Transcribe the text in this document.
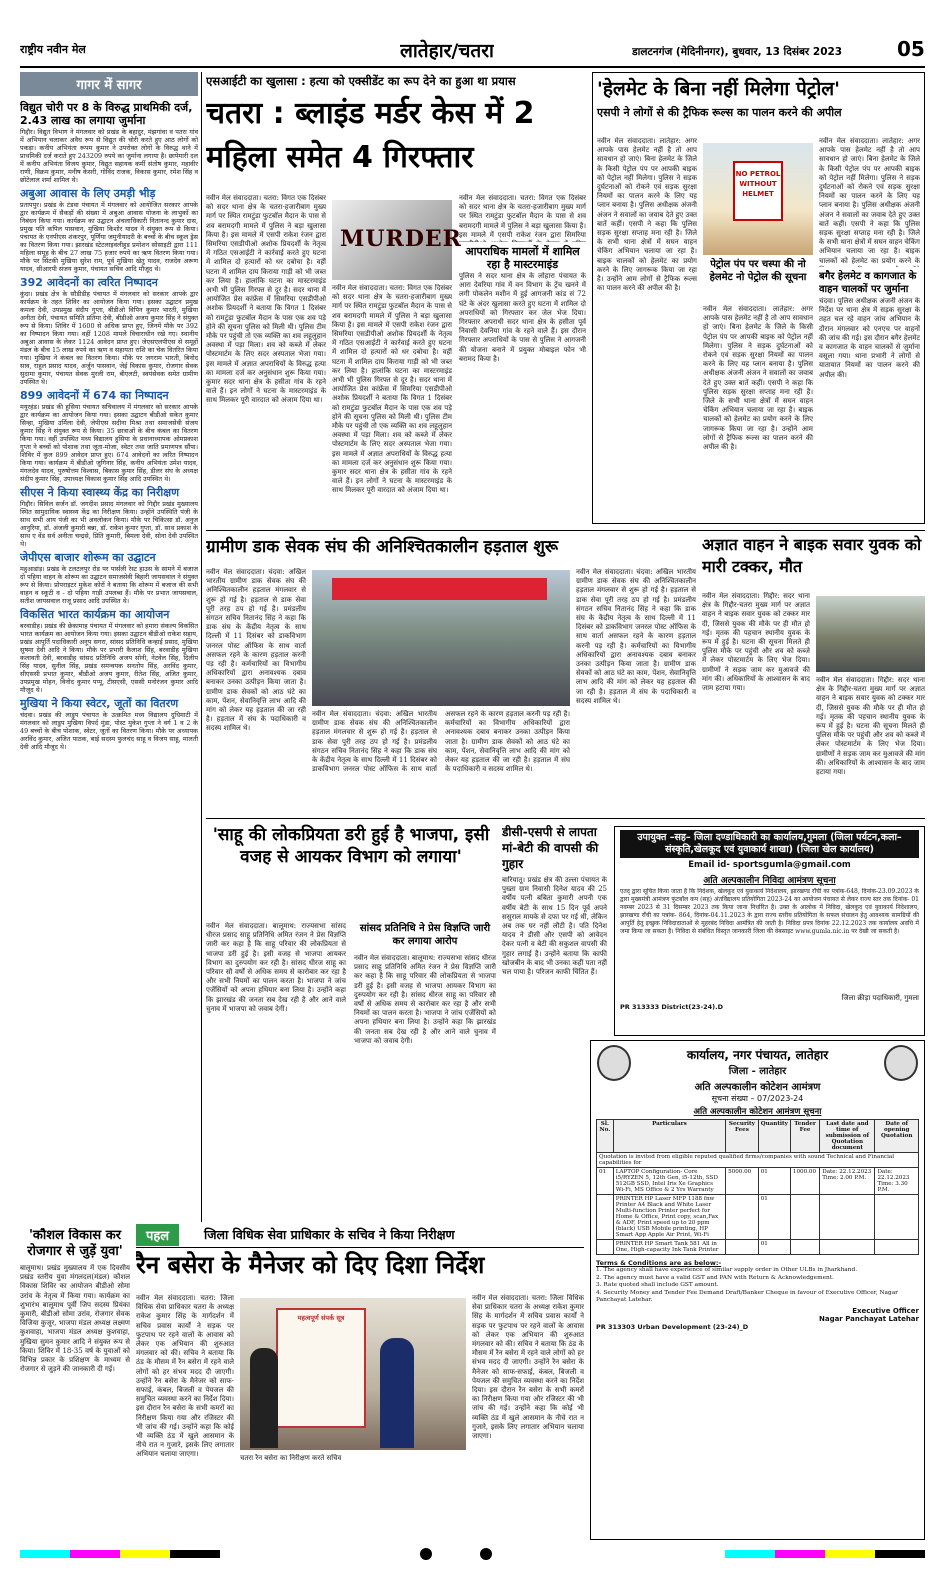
राष्ट्रीय नवीन मेल	लातेहार/चतरा	डालटनगंज (मेदिनीनगर), बुधवार, 13 दिसंबर 2023	05
गागर में सागर
विद्युत चोरी पर 8 के विरुद्ध प्राथमिकी दर्ज, 2.43 लाख का लगाया जुर्माना
गिद्दौर। विद्युत विभाग ने मंगलवार को प्रखंड के बहादुर, मंझगांवा व पतरा गांव में अभियान चलाकर अवैध रूप से विद्युत की चोरी करते हुए आठ लोगों को पकड़ा। कनीय अभियंता रूपम कुमार ने उपरोक्त लोगों के विरुद्ध थाने में प्राथमिकी दर्ज कराते हुए 243209 रुपये का जुर्माना लगाया है। छापेमारी दल में कनीय अभियंता विजय कुमार, विद्युत सहायक कर्मी संतोष कुमार, महावीर राणी, विक्रम कुमार, मनीष केसरी, गोविंद राजक, विकास कुमार, रमेश सिंह व छोटेलाल शर्मा शामिल थे।
अबुआ आवास के लिए उमड़ी भीड़
प्रतापपुर। प्रखंड के टंडवा पंचायत में मंगलवार को आयोजित सरकार आपके द्वार कार्यक्रम में सैकड़ों की संख्या में अबुआ आवास योजना के लाभुकों का निबंधन किया गया। कार्यक्रम का उद्घाटन अंचलाधिकारी नितानन्द कुमार दास, प्रमुख पति कपिल पासवान, मुखिया किशोर यादव ने संयुक्त रूप से किया। पंचायत के एनपीएस शंकरपुर, पूर्णिया जमुनीयादरी के बच्चों के बीच स्कूल ड्रेस का वितरण किया गया। झारखंड स्टेटलाइवलीहुड प्रमोशन सोसाइटी द्वारा 111 महिला समूह के बीच 27 लाख 75 हजार रुपये का ऋण वितरण किया गया। मौके पर सिंटकी मुखिया सुरेश राम, पूर्व मुखिया खेतु यादव, राजदेव अरूण यादव, सीआरपी संजय कुमार, पंचायत सचिव आदि मौजूद थे।
392 आवेदनों का त्वरित निष्पादन
कुंदा। प्रखंड क्षेत्र के सौडीडीह पंचायत में मंगलवार को सरकार आपके द्वार कार्यक्रम के तहत शिविर का आयोजन किया गया। इसका उद्घाटन प्रमुख कमला देवी, उपप्रमुख संदीप गुप्ता, बीडीओ विपिन कुमार भारती, मुखिया अनीता देवी, पंचायत समिति प्रतिमा देवी, बीडीओ अजय कुमार सिंह ने संयुक्त रूप से किया। शिविर में 1600 से अधिक प्राप्त हुए, जिनमें मौके पर 392 का निष्पादन किया गया। वहीं 1208 मामले विचाराधीन रखे गए। स्थानीय अबुआ आवास के लेकर 1124 आवेदन प्राप्त हुए। जेएसएलपीएस से समूहों मंडल के बीच 15 लाख रुपये का ऋण व सहायता राशि का चेक वितरित किया गया। मुखिया ने कंबल का वितरण किया। मौके पर जगराम भारती, बिनोद साव, राहुल प्रसाद यादव, अर्जुन पासवान, जेई विकास कुमार, रोजगार सेवक सुदामा कुमार, पंचायत सेवक मुरली राम, बीएलटी, स्वयंसेवक समेत ग्रामीण उपस्थित थे।
899 आवेदनों में 674 का निष्पादन
मयूरहंड। प्रखंड की हुसिया पंचायत सचिवालय में मंगलवार को सरकार आपके द्वार कार्यक्रम का आयोजन किया गया। इसका उद्घाटन बीडीओ सकेत कुमार सिन्हा, मुखिया उर्मिला देवी, जेपीएस सदीना मिश्रा तथा समाजसेवी संजय कुमार सिंह ने संयुक्त रूप से किया। 35 छात्राओं के बीच कंबल का वितरण किया गया। वहीं उपस्थित मध्य विद्यालय हुसिया के प्रधानाध्यापक ओमप्रकाश गुप्ता ने बच्चों को पोशाक तथा जूता-मोजा, स्वेटर तथा जाति प्रमाणपत्र सौंपा। शिविर में कुल 899 आवेदन प्राप्त हुए। 674 आवेदनों का त्वरित निष्पादन किया गया। कार्यक्रम में बीडीओ जुगिनार सिंह, कनीय अभियंता उमेश यादव, मंगलदेव यादव, पुरुषोत्तम विश्वास, बिकास कुमार सिंह, डीलर संघ के अध्यक्ष संदीप कुमार सिंह, उपाध्यक्ष विकास कुमार सिंह आदि उपस्थित थे।
सीएस ने किया स्वास्थ्य केंद्र का निरीक्षण
गिद्दौर। सिविल सर्जन डॉ. जगदीश प्रसाद मंगलवार को गिद्दौर प्रखंड मुख्यालय स्थित सामुदायिक स्वास्थ्य केंद्र का निरीक्षण किया। उन्होंने उपस्थिति पंजी के साथ सभी आय पंजी का भी अवलोकन किया। मौके पर चिकित्सा डॉ. अनुज आनुरिया, डॉ. अंजली कुमारी बन्ना, डॉ. राकेश कुमार गुप्ता, डॉ. साथ प्रकाश के साथ ए वेंड सर्व अनीता चन्द्रसे, प्रिति कुमारी, बिमला देवी, सोना देवी उपस्थित थे।
जेपीएस बाजार शोरूम का उद्घाटन
महुआडांड़। प्रखंड के टलटलपुर रोड पर पार्सली रेस्ट हाउस के सामने में बजाज दो पहिया वाहन के शोरूम का उद्घाटन समाजसेवी बिहारी जायसवाल ने संयुक्त रूप से किया। प्रोपराइटर मुकेश कोरों ने बताया कि शोरूम में बजाज की सभी वाहन व स्कूटी व - दो पहिया गाड़ी उपलब्ध हैं। मौके पर प्रभात जायसवाल, सतीश जायसवाल राजू प्रसाद आदि उपस्थित थे।
विकसित भारत कार्यक्रम का आयोजन
बरवाडीह। प्रखंड की छेकामाह पंचायत में मंगलवार को हमारा संकल्प विकसित भारत कार्यक्रम का आयोजन किया गया। इसका उद्घाटन बीडीओ राकेश सहाय, प्रखंड आपूर्ति पदाधिकारी अनूप सगरा, सांसद प्रतिनिधि कन्हाई प्रसाद, मुखिया सुषमा देवी आदि ने किया। मौके पर प्रभारी कैलाश सिंह, बरवाडीह मुखिया कलावती देवी, बरवाडीह सांसद प्रतिनिधि अजय सोनी, नेटवेल सिंह, दिलीप सिंह यादव, सुनील सिंह, प्रखंड समन्वयक सनतोप सिंह, अरविंद कुमार, सीएससी प्रभात कुमार, बीडीओ अजय कुमार, रीतेश सिंह, अजित कुमार, उपप्रमुख मोहन, विनोद कुमार पप्पू, टीसएसी, एससी मनोरंजन कुमार आदि मौजूद थे।
मुखिया ने किया स्वेटर, जूतों का वितरण
चंदवा। प्रखंड की लाडुप पंचायत के उत्क्रमित मध्य विद्यालय दुधिमाटी में मंगलवार को लाडुप मुखिया विपर्द मुंडा, पोस्ट मुकेश गुप्ता ने वर्ग 1 व 2 के 49 बच्चों के बीच पोशाक, स्वेटर, जूतों का वितरण किया। मौके पर अध्यापक अरविंद कुमार, अजित पाठक, बाई सदस्य फुलचंद साहू व विजय साहू, मालती देवी आदि मौजूद थे।
एसआईटी का खुलासा : हत्या को एक्सीडेंट का रूप देने का हुआ था प्रयास
चतरा : ब्लाइंड मर्डर केस में 2 महिला समेत 4 गिरफ्तार
नवीन मेल संवाददाता। चतरा: विगत एक दिसंबर को सदर थाना क्षेत्र के चतरा-हजारीबाग मुख्य मार्ग पर स्थित रामटुंडा फुटबॉल मैदान के पास से शव बरामदगी मामले में पुलिस ने बड़ा खुलासा किया है। इस मामले में एसपी राकेश रंजन द्वारा सिमरिया एसडीपीओ अशोक प्रियदर्शी के नेतृत्व में गठित एसआईटी ने कार्रवाई करते हुए घटना में शामिल दो हत्यारों को धर दबोचा है। वहीं घटना में शामिल दाय किराया गाड़ी को भी जब्त कर लिया है। हालांकि घटना का मास्टरमाइंड अभी भी पुलिस गिरफ्त से दूर है। सदर थाना में आयोजित प्रेस कांफ्रेंस में सिमरिया एसडीपीओ अशोक प्रियदर्शी ने बताया कि विगत 1 दिसंबर को रामटुंडा फुटबॉल मैदान के पास एक शव पड़े होने की सूचना पुलिस को मिली थी। पुलिस टीम मौके पर पहुंची तो एक व्यक्ति का शव लहूलुहान अवस्था में पड़ा मिला। शव को कब्जे में लेकर पोस्टमार्टम के लिए सदर अस्पताल भेजा गया। इस मामले में अज्ञात अपराधियों के विरुद्ध हत्या का मामला दर्ज कर अनुसंधान शुरू किया गया। कुमार सदर थाना क्षेत्र के हसीता गांव के रहने वाले हैं। इन लोगों ने घटना के मास्टरमाइंड के साथ मिलकर पूरी वारदात को अंजाम दिया था।
MURDER
नवीन मेल संवाददाता। चतरा: विगत एक दिसंबर को सदर थाना क्षेत्र के चतरा-हजारीबाग मुख्य मार्ग पर स्थित रामटुंडा फुटबॉल मैदान के पास से शव बरामदगी मामले में पुलिस ने बड़ा खुलासा किया है। इस मामले में एसपी राकेश रंजन द्वारा सिमरिया एसडीपीओ अशोक प्रियदर्शी के नेतृत्व में गठित एसआईटी ने कार्रवाई करते हुए घटना में शामिल दो हत्यारों को धर दबोचा है। वहीं घटना में शामिल दाय किराया गाड़ी को भी जब्त कर लिया है। हालांकि घटना का मास्टरमाइंड अभी भी पुलिस गिरफ्त से दूर है। सदर थाना में आयोजित प्रेस कांफ्रेंस में सिमरिया एसडीपीओ अशोक प्रियदर्शी ने बताया कि विगत 1 दिसंबर को रामटुंडा फुटबॉल मैदान के पास एक शव पड़े होने की सूचना पुलिस को मिली थी। पुलिस टीम मौके पर पहुंची तो एक व्यक्ति का शव लहूलुहान अवस्था में पड़ा मिला। शव को कब्जे में लेकर पोस्टमार्टम के लिए सदर अस्पताल भेजा गया। इस मामले में अज्ञात अपराधियों के विरुद्ध हत्या का मामला दर्ज कर अनुसंधान शुरू किया गया। कुमार सदर थाना क्षेत्र के हसीता गांव के रहने वाले हैं। इन लोगों ने घटना के मास्टरमाइंड के साथ मिलकर पूरी वारदात को अंजाम दिया था।
नवीन मेल संवाददाता। चतरा: विगत एक दिसंबर को सदर थाना क्षेत्र के चतरा-हजारीबाग मुख्य मार्ग पर स्थित रामटुंडा फुटबॉल मैदान के पास से शव बरामदगी मामले में पुलिस ने बड़ा खुलासा किया है। इस मामले में एसपी राकेश रंजन द्वारा सिमरिया
आपराधिक मामलों में शामिल रहा है मास्टरमाइंड
पुलिस ने सदर थाना क्षेत्र के लोहारा पंचायत के आरा देवरिया गांव में वन विभाग के ट्रेंच खनने में लगी पोकलेन मशीन में हुई आगजनी कांड सं 72 घंटे के अंदर खुलासा करते हुए घटना में शामिल दो अपराधियों को गिरफ्तार कर जेल भेज दिया। गिरफ्तार अपराधी सदर थाना क्षेत्र के हसीता पूर्व निवासी देवनिया गांव के रहने वाले हैं। इस दौरान गिरफ्तार अपराधियों के पास से पुलिस ने आगजनी की योजना बनाने में प्रयुक्त मोबाइल फोन भी बरामद किया है।
'हेलमेट के बिना नहीं मिलेगा पेट्रोल'
एसपी ने लोगों से की ट्रैफिक रूल्स का पालन करने की अपील
नवीन मेल संवाददाता। लातेहार: अगर आपके पास हेलमेट नहीं है तो आप सावधान हो जाएं। बिना हेलमेट के जिले के किसी पेट्रोल पंप पर आपकी बाइक को पेट्रोल नहीं मिलेगा। पुलिस ने सड़क दुर्घटनाओं को रोकने एवं सड़क सुरक्षा नियमों का पालन करने के लिए यह प्लान बनाया है। पुलिस अधीक्षक अंजनी अंजन ने सवालों का जवाब देते हुए उक्त बातें कहीं। एसपी ने कहा कि पुलिस सड़क सुरक्षा सप्ताह मना रही है। जिले के सभी थाना क्षेत्रों में सघन वाहन चेकिंग अभियान चलाया जा रहा है। बाइक चालकों को हेलमेट का प्रयोग करने के लिए जागरूक किया जा रहा है। उन्होंने आम लोगों से ट्रैफिक रूल्स का पालन करने की अपील की है।
NO PETROL WITHOUT HELMET
पेट्रोल पंप पर चस्पा की नो हेलमेट नो पेट्रोल की सूचना
नवीन मेल संवाददाता। लातेहार: अगर आपके पास हेलमेट नहीं है तो आप सावधान हो जाएं। बिना हेलमेट के जिले के किसी पेट्रोल पंप पर आपकी बाइक को पेट्रोल नहीं मिलेगा। पुलिस ने सड़क दुर्घटनाओं को रोकने एवं सड़क सुरक्षा नियमों का पालन करने के लिए यह प्लान बनाया है। पुलिस अधीक्षक अंजनी अंजन ने सवालों का जवाब देते हुए उक्त बातें कहीं। एसपी ने कहा कि पुलिस सड़क सुरक्षा सप्ताह मना रही है। जिले के सभी थाना क्षेत्रों में सघन वाहन चेकिंग अभियान चलाया जा रहा है। बाइक चालकों को हेलमेट का प्रयोग करने के लिए जागरूक किया जा रहा है। उन्होंने आम लोगों से ट्रैफिक रूल्स का पालन करने की अपील की है।
नवीन मेल संवाददाता। लातेहार: अगर आपके पास हेलमेट नहीं है तो आप सावधान हो जाएं। बिना हेलमेट के जिले के किसी पेट्रोल पंप पर आपकी बाइक को पेट्रोल नहीं मिलेगा। पुलिस ने सड़क दुर्घटनाओं को रोकने एवं सड़क सुरक्षा नियमों का पालन करने के लिए यह प्लान बनाया है। पुलिस अधीक्षक अंजनी अंजन ने सवालों का जवाब देते हुए उक्त बातें कहीं। एसपी ने कहा कि पुलिस सड़क सुरक्षा सप्ताह मना रही है। जिले के सभी थाना क्षेत्रों में सघन वाहन चेकिंग अभियान चलाया जा रहा है। बाइक चालकों को हेलमेट का प्रयोग करने के
बगैर हेलमेट व कागजात के वाहन चालकों पर जुर्माना
चंदवा। पुलिस अधीक्षक अंजनी अंजन के निर्देश पर थाना क्षेत्र में सड़क सुरक्षा के तहत चल रहे वाहन जांच अभियान के दौरान मंगलवार को एनएच पर वाहनों की जांच की गई। इस दौरान बगैर हेलमेट व कागजात के वाहन चालकों से जुर्माना वसूला गया। थाना प्रभारी ने लोगों से यातायात नियमों का पालन करने की अपील की।
ग्रामीण डाक सेवक संघ की अनिश्चितकालीन हड़ताल शुरू
नवीन मेल संवाददाता। चंदवा: अखिल भारतीय ग्रामीण डाक सेवक संघ की अनिश्चितकालीन हड़ताल मंगलवार से शुरू हो गई है। हड़ताल से डाक सेवा पूरी तरह ठप हो गई है। प्रमंडलीय संगठन सचिव नितानंद सिंह ने कहा कि डाक संघ के केंद्रीय नेतृत्व के साथ दिल्ली में 11 दिसंबर को डाकविभाग जनरल पोस्ट ऑफिस के साथ वार्ता असफल रहने के कारण हड़ताल करनी पड़ रही है। कर्मचारियों का विभागीय अधिकारियों द्वारा अनावश्यक दबाव बनाकर उनका उत्पीड़न किया जाता है। ग्रामीण डाक सेवकों को आठ घंटे का काम, पेंशन, सेवानिवृत्ति लाभ आदि की मांग को लेकर यह हड़ताल की जा रही है। हड़ताल में संघ के पदाधिकारी व सदस्य शामिल थे।
नवीन मेल संवाददाता। चंदवा: अखिल भारतीय ग्रामीण डाक सेवक संघ की अनिश्चितकालीन हड़ताल मंगलवार से शुरू हो गई है। हड़ताल से डाक सेवा पूरी तरह ठप हो गई है। प्रमंडलीय संगठन सचिव नितानंद सिंह ने कहा कि डाक संघ के केंद्रीय नेतृत्व के साथ दिल्ली में 11 दिसंबर को डाकविभाग जनरल पोस्ट ऑफिस के साथ वार्ता असफल रहने के कारण हड़ताल करनी पड़ रही है। कर्मचारियों का विभागीय अधिकारियों द्वारा अनावश्यक दबाव बनाकर उनका उत्पीड़न किया जाता है। ग्रामीण डाक सेवकों को आठ घंटे का काम, पेंशन, सेवानिवृत्ति लाभ आदि की मांग को लेकर यह हड़ताल की जा रही है। हड़ताल में संघ के पदाधिकारी व सदस्य शामिल थे।
नवीन मेल संवाददाता। चंदवा: अखिल भारतीय ग्रामीण डाक सेवक संघ की अनिश्चितकालीन हड़ताल मंगलवार से शुरू हो गई है। हड़ताल से डाक सेवा पूरी तरह ठप हो गई है। प्रमंडलीय संगठन सचिव नितानंद सिंह ने कहा कि डाक संघ के केंद्रीय नेतृत्व के साथ दिल्ली में 11 दिसंबर को डाकविभाग जनरल पोस्ट ऑफिस के साथ वार्ता असफल रहने के कारण हड़ताल करनी पड़ रही है। कर्मचारियों का विभागीय अधिकारियों द्वारा अनावश्यक दबाव बनाकर उनका उत्पीड़न किया जाता है। ग्रामीण डाक सेवकों को आठ घंटे का काम, पेंशन, सेवानिवृत्ति लाभ आदि की मांग को लेकर यह हड़ताल की जा रही है। हड़ताल में संघ के पदाधिकारी व सदस्य शामिल थे।
अज्ञात वाहन ने बाइक सवार युवक को मारी टक्कर, मौत
नवीन मेल संवाददाता। गिद्दौर: सदर थाना क्षेत्र के गिद्दौर-चतरा मुख्य मार्ग पर अज्ञात वाहन ने बाइक सवार युवक को टक्कर मार दी, जिससे युवक की मौके पर ही मौत हो गई। मृतक की पहचान स्थानीय युवक के रूप में हुई है। घटना की सूचना मिलते ही पुलिस मौके पर पहुंची और शव को कब्जे में लेकर पोस्टमार्टम के लिए भेज दिया। ग्रामीणों ने सड़क जाम कर मुआवजे की मांग की। अधिकारियों के आश्वासन के बाद जाम हटाया गया।
नवीन मेल संवाददाता। गिद्दौर: सदर थाना क्षेत्र के गिद्दौर-चतरा मुख्य मार्ग पर अज्ञात वाहन ने बाइक सवार युवक को टक्कर मार दी, जिससे युवक की मौके पर ही मौत हो गई। मृतक की पहचान स्थानीय युवक के रूप में हुई है। घटना की सूचना मिलते ही पुलिस मौके पर पहुंची और शव को कब्जे में लेकर पोस्टमार्टम के लिए भेज दिया। ग्रामीणों ने सड़क जाम कर मुआवजे की मांग की। अधिकारियों के आश्वासन के बाद जाम हटाया गया।
'साहू की लोकप्रियता डरी हुई है भाजपा, इसी वजह से आयकर विभाग को लगाया'
नवीन मेल संवाददाता। बालूमाथ: राज्यसभा सांसद धीरज प्रसाद साहू प्रतिनिधि अमित रंजन ने प्रेस विज्ञप्ति जारी कर कहा है कि साहू परिवार की लोकप्रियता से भाजपा डरी हुई है। इसी वजह से भाजपा आयकर विभाग का दुरुपयोग कर रही है। सांसद धीरज साहू का परिवार सौ वर्षों से अधिक समय से कारोबार कर रहा है और सभी नियमों का पालन करता है। भाजपा ने जांच एजेंसियों को अपना हथियार बना लिया है। उन्होंने कहा कि झारखंड की जनता सब देख रही है और आने वाले चुनाव में भाजपा को जवाब देगी।
सांसद प्रतिनिधि ने प्रेस विज्ञप्ति जारी कर लगाया आरोप
नवीन मेल संवाददाता। बालूमाथ: राज्यसभा सांसद धीरज प्रसाद साहू प्रतिनिधि अमित रंजन ने प्रेस विज्ञप्ति जारी कर कहा है कि साहू परिवार की लोकप्रियता से भाजपा डरी हुई है। इसी वजह से भाजपा आयकर विभाग का दुरुपयोग कर रही है। सांसद धीरज साहू का परिवार सौ वर्षों से अधिक समय से कारोबार कर रहा है और सभी नियमों का पालन करता है। भाजपा ने जांच एजेंसियों को अपना हथियार बना लिया है। उन्होंने कहा कि झारखंड की जनता सब देख रही है और आने वाले चुनाव में भाजपा को जवाब देगी।
डीसी-एसपी से लापता मां-बेटी की वापसी की गुहार
बारियातू। प्रखंड क्षेत्र की उल्ला पंचायत के पुख्ता ग्राम निवासी दिनेश यादव की 25 वर्षीय पत्नी बबिता कुमारी अपनी एक वर्षीय बेटी के साथ 15 दिन पूर्व अपने ससुराल मायके से दफा पर गई थी, लेकिन अब तक घर नहीं लौटी है। पति दिनेश यादव ने डीसी और एसपी को आवेदन देकर पत्नी व बेटी की सकुशल वापसी की गुहार लगाई है। उन्होंने बताया कि काफी खोजबीन के बाद भी उनका कहीं पता नहीं चल पाया है। परिजन काफी चिंतित हैं।
उपायुक्त –सह– जिला दण्डाधिकारी का कार्यालय,गुमला (जिला पर्यटन,कला–संस्कृति,खेलकूद एवं युवाकार्य शाखा) (जिला खेल कार्यालय)
Email id- sportsgumla@gmail.com
अति अल्पकालीन निविदा आमंत्रण सूचना
एतद् द्वारा सूचित किया जाता है कि निदेशक, खेलकूद एवं युवाकार्य निदेशालय, झारखण्ड राँची का पत्रांक-648, दिनांक-23.09.2023 के द्वारा मुख्यमंत्री आमंत्रण फुटबॉल कप (सह) अंतर्विद्यालय प्रतियोगिता 2023-24 का आयोजन पंचायत से लेकर राज्य स्तर तक दिनांक- 01 नवम्बर 2023 से 31 दिसम्बर 2023 तक किया जाना निर्धारित है। उक्त के आलोक में निविदा, खेलकूद एवं युवाकार्य निदेशालय, झारखण्ड राँची का पत्रांक- 864, दिनांक-04.11.2023 के द्वारा राज्य स्तरीय प्रतियोगिता के सफल संचालन हेतु आवश्यक सामग्रियों की आपूर्ति हेतु इच्छुक निविदादाताओं से मुहरबंद निविदा आमंत्रित की जाती है। निविदा प्रपत्र दिनांक 22.12.2023 तक कार्यालय अवधि में जमा किया जा सकता है। निविदा से संबंधित विस्तृत जानकारी जिला की वेबसाइट www.gumla.nic.in पर देखी जा सकती है।
जिला क्रीड़ा पदाधिकारी, गुमला
PR 313333 District(23-24).D
कार्यालय, नगर पंचायत, लातेहार
जिला - लातेहार
अति अल्पकालीन कोटेशन आमंत्रण
सूचना संख्या – 07/2023-24
अति अल्पकालीन कोटेशन आमंत्रण सूचना
Sl. No.	Particulars	Security Fees	Quantity	Tender Fee	Last date and time of submission of Quotation document	Date of opening Quotation
Quotation is invited from eligible reputed qualified firms/companies with sound Technical and Financial capabilities for						
01	LAPTOP Configuration- Core i5/RYZEN 5, 12th Gen, i5-12th, SSD 512GB SSD, Intel Iris Xe Graphics Wi-Fi, MS Office & 2 Yrs Warranty	5000.00	01	1000.00	Date: 22.12.2023 Time: 2.00 P.M.	Date: 22.12.2023 Time: 3.30 P.M.
	PRINTER HP Laser MFP 1188 fnw Printer A4 Black and White Laser Multi-function Printer perfect for Home & Office, Print copy, scan,Fax & ADF, Print speed up to 20 ppm (black) USB Mobile printing, HP Smart App Apple Air Print, Wi-Fi		01			
	PRINTER HP Smart Tank 581 All in One, High-capacity Ink Tank Printer		01			
Terms & Conditions are as below:-
1. The agency shall have experience of similar supply order in Other ULBs in Jharkhand.
2. The agency must have a valid GST and PAN with Return & Acknowledgement.
3. Rate quoted shall include GST amount.
4. Security Money and Tender Fee Demand Draft/Banker Cheque in favour of Executive Officer, Nagar Panchayat Latehar.
Executive Officer
Nagar Panchayat Latehar
PR 313303 Urban Development (23-24)_D
'कौशल विकास कर रोजगार से जुड़ें युवा'
बालूमाथ। प्रखंड मुख्यालय में एक दिवसीय प्रखंड स्तरीय युवा मंगलदल(मंडल) कौशल विकास शिविर का आयोजन बीडीओ सोमा उरांव के नेतृत्व में किया गया। कार्यक्रम का शुभारंभ बालूमाथ पूर्वी जिप सदस्य प्रियंका कुमारी, बीडीओ सोमा उरांव, रोजगार सेवक विजिया कुजूर, भाजपा मंडल अध्यक्ष लक्ष्मण कुशवाहा, भाजपा मंडल अध्यक्ष कुशवाहा, मुखिया सुमन कुमार आदि ने संयुक्त रूप से किया। शिविर में 18-35 वर्ष के युवाओं को विभिन्न प्रकार के प्रशिक्षण के माध्यम से रोजगार से जुड़ने की जानकारी दी गई।
पहल	जिला विधिक सेवा प्राधिकार के सचिव ने किया निरीक्षण
रैन बसेरा के मैनेजर को दिए दिशा निर्देश
नवीन मेल संवाददाता। चतरा: जिला विधिक सेवा प्राधिकार चतरा के अध्यक्ष राकेश कुमार सिंह के मार्गदर्शन में सचिव प्रवास कार्यों ने सड़क पर फुटपाथ पर रहने वालों के आवास को लेकर एक अभियान की शुरुआत मंगलवार को की। सचिव ने बताया कि ठंड के मौसम में रैन बसेरा में रहने वाले लोगों को हर संभव मदद दी जाएगी। उन्होंने रैन बसेरा के मैनेजर को साफ-सफाई, कंबल, बिजली व पेयजल की समुचित व्यवस्था करने का निर्देश दिया। इस दौरान रैन बसेरा के सभी कमरों का निरीक्षण किया गया और रजिस्टर की भी जांच की गई। उन्होंने कहा कि कोई भी व्यक्ति ठंड में खुले आसमान के नीचे रात न गुजारे, इसके लिए लगातार अभियान चलाया जाएगा।
महत्वपूर्ण संपर्क सूत्र
चतरा रैन बसेरा का निरीक्षण करते सचिव
नवीन मेल संवाददाता। चतरा: जिला विधिक सेवा प्राधिकार चतरा के अध्यक्ष राकेश कुमार सिंह के मार्गदर्शन में सचिव प्रवास कार्यों ने सड़क पर फुटपाथ पर रहने वालों के आवास को लेकर एक अभियान की शुरुआत मंगलवार को की। सचिव ने बताया कि ठंड के मौसम में रैन बसेरा में रहने वाले लोगों को हर संभव मदद दी जाएगी। उन्होंने रैन बसेरा के मैनेजर को साफ-सफाई, कंबल, बिजली व पेयजल की समुचित व्यवस्था करने का निर्देश दिया। इस दौरान रैन बसेरा के सभी कमरों का निरीक्षण किया गया और रजिस्टर की भी जांच की गई। उन्होंने कहा कि कोई भी व्यक्ति ठंड में खुले आसमान के नीचे रात न गुजारे, इसके लिए लगातार अभियान चलाया जाएगा।
